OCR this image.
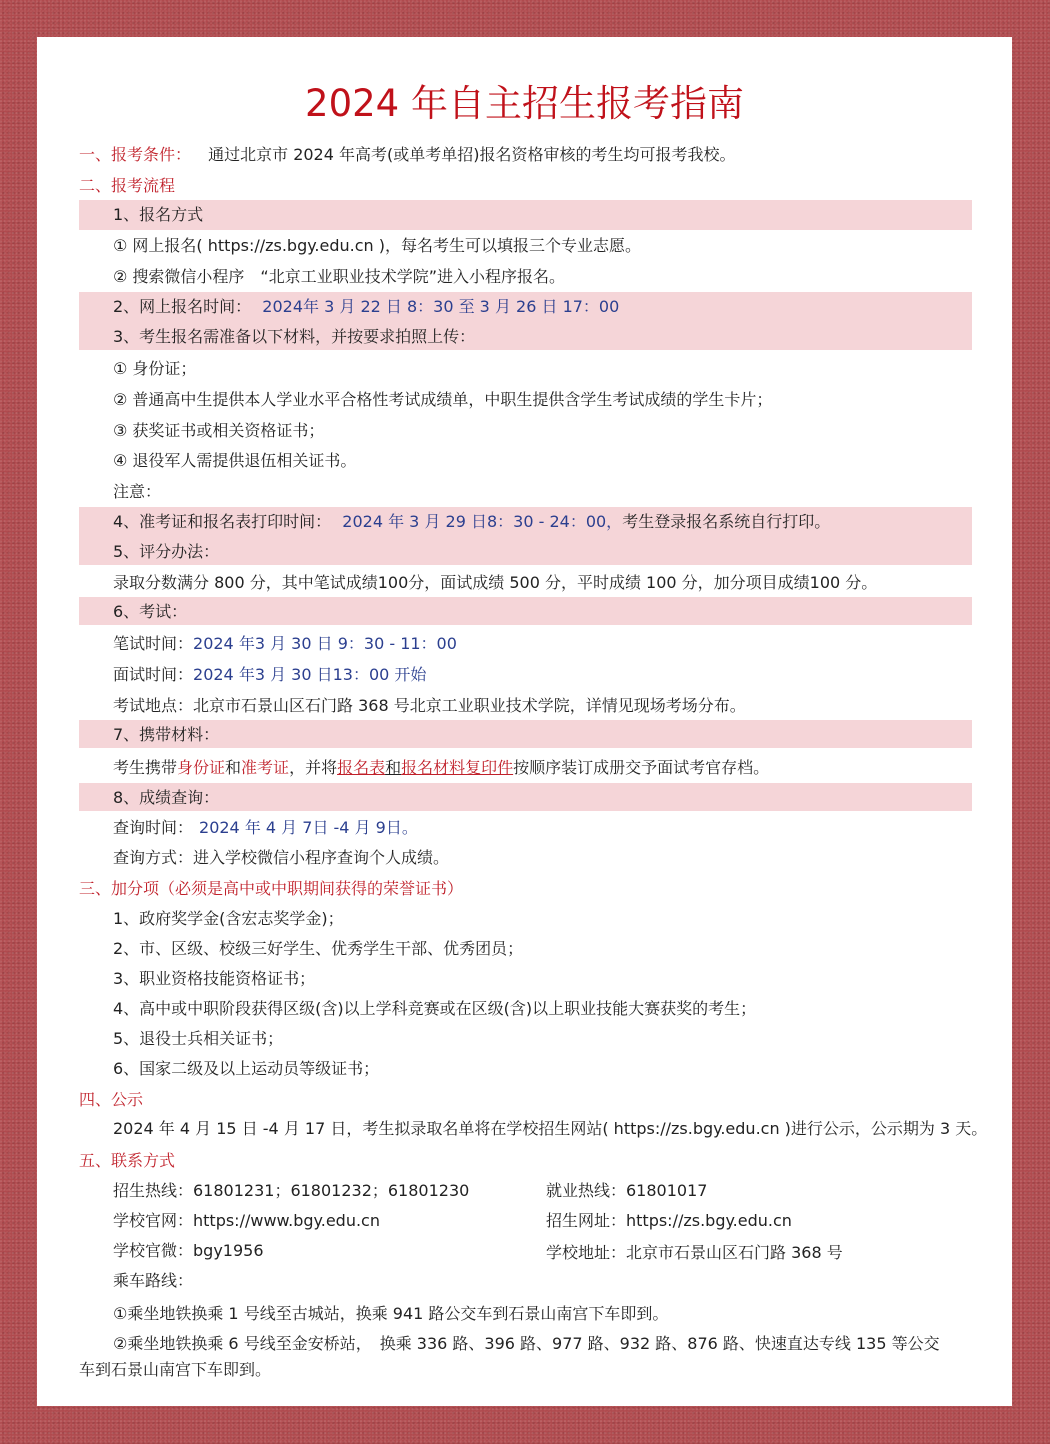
2024 年自主招生报考指南
一、报考条件： 通过北京市 2024 年高考(或单考单招)报名资格审核的考生均可报考我校。
二、报考流程
1、报名方式
① 网上报名( https://zs.bgy.edu.cn )，每名考生可以填报三个专业志愿。
② 搜索微信小程序　“北京工业职业技术学院”进入小程序报名。
2、网上报名时间： 2024年 3 月 22 日 8：30 至 3 月 26 日 17：00
3、考生报名需准备以下材料，并按要求拍照上传：
① 身份证；
② 普通高中生提供本人学业水平合格性考试成绩单，中职生提供含学生考试成绩的学生卡片；
③ 获奖证书或相关资格证书；
④ 退役军人需提供退伍相关证书。
注意：
4、准考证和报名表打印时间： 2024 年 3 月 29 日8：30 - 24：00，考生登录报名系统自行打印。
5、评分办法：
录取分数满分 800 分，其中笔试成绩100分，面试成绩 500 分，平时成绩 100 分，加分项目成绩100 分。
6、考试：
笔试时间：2024 年3 月 30 日 9：30 - 11：00
面试时间：2024 年3 月 30 日13：00 开始
考试地点：北京市石景山区石门路 368 号北京工业职业技术学院，详情见现场考场分布。
7、携带材料：
考生携带身份证和准考证，并将报名表和报名材料复印件按顺序装订成册交予面试考官存档。
8、成绩查询：
查询时间： 2024 年 4 月 7日 -4 月 9日。
查询方式：进入学校微信小程序查询个人成绩。
三、加分项（必须是高中或中职期间获得的荣誉证书）
1、政府奖学金(含宏志奖学金)；
2、市、区级、校级三好学生、优秀学生干部、优秀团员；
3、职业资格技能资格证书；
4、高中或中职阶段获得区级(含)以上学科竞赛或在区级(含)以上职业技能大赛获奖的考生；
5、退役士兵相关证书；
6、国家二级及以上运动员等级证书；
四、公示
2024 年 4 月 15 日 -4 月 17 日，考生拟录取名单将在学校招生网站( https://zs.bgy.edu.cn )进行公示，公示期为 3 天。
五、联系方式
招生热线：61801231；61801232；61801230	就业热线：61801017
学校官网：https://www.bgy.edu.cn	招生网址：https://zs.bgy.edu.cn
学校官微：bgy1956	学校地址：北京市石景山区石门路 368 号
乘车路线：
①乘坐地铁换乘 1 号线至古城站，换乘 941 路公交车到石景山南宫下车即到。
②乘坐地铁换乘 6 号线至金安桥站，　换乘 336 路、396 路、977 路、932 路、876 路、快速直达专线 135 等公交
车到石景山南宫下车即到。
